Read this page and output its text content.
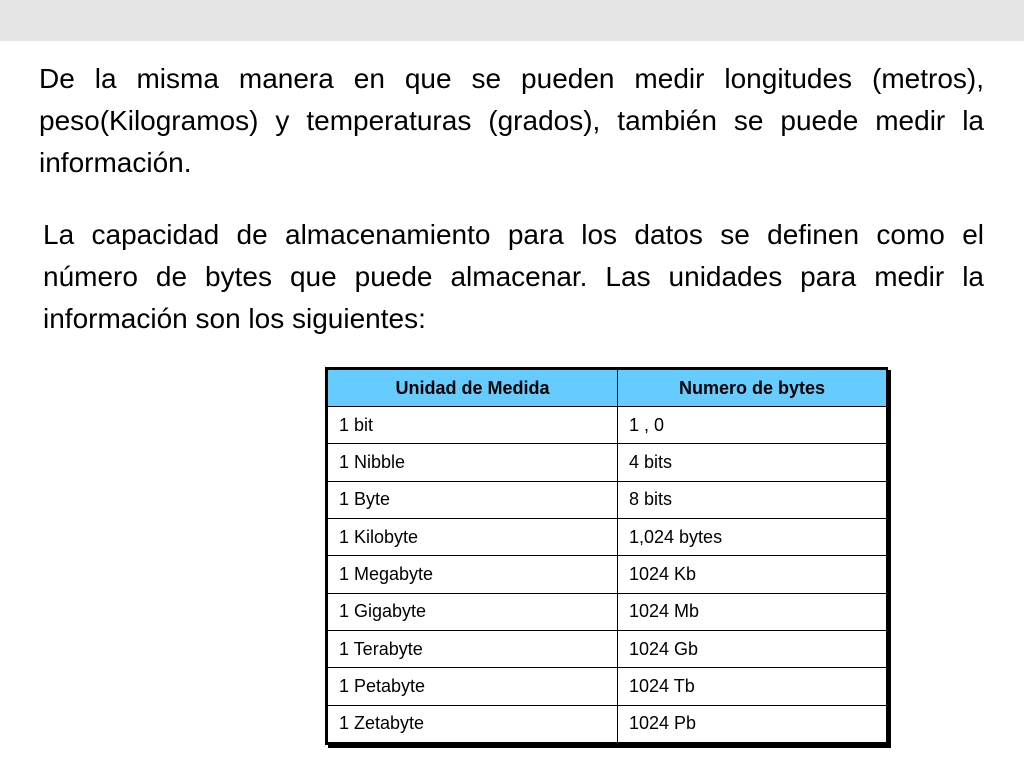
De la misma manera en que se pueden medir longitudes (metros), peso(Kilogramos) y temperaturas (grados), también se puede medir la información.

La capacidad de almacenamiento para los datos se definen como el número de bytes que puede almacenar. Las unidades para medir la información son los siguientes:

Unidad de Medida	Numero de bytes
1 bit	1 , 0
1 Nibble	4 bits
1 Byte	8 bits
1 Kilobyte	1,024 bytes
1 Megabyte	1024 Kb
1 Gigabyte	1024 Mb
1 Terabyte	1024 Gb
1 Petabyte	1024 Tb
1 Zetabyte	1024 Pb
